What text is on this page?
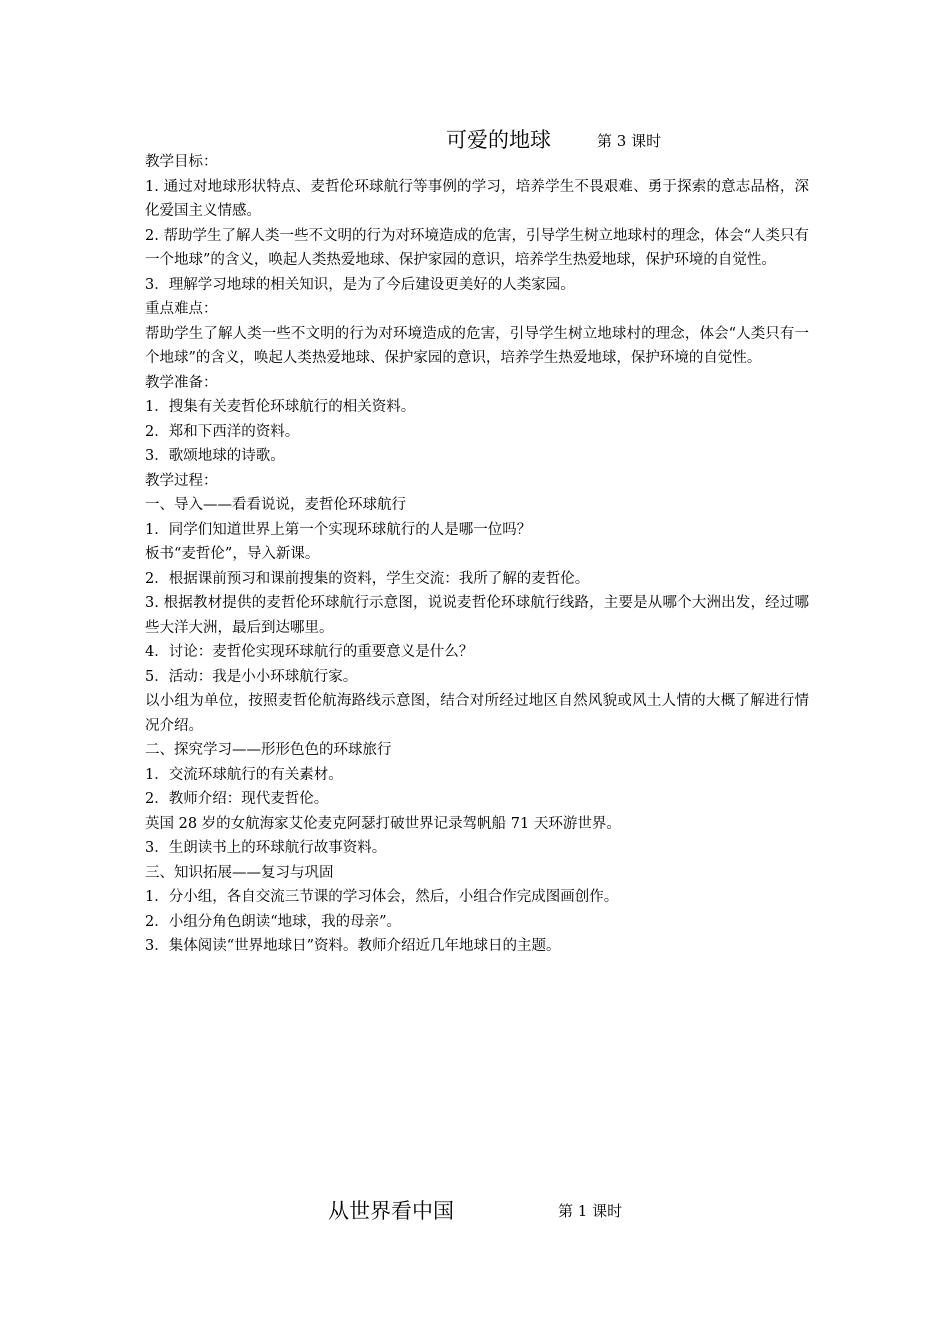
可爱的地球	第 3 课时

教学目标：

1. 通过对地球形状特点、麦哲伦环球航行等事例的学习，培养学生不畏艰难、勇于探索的意志品格，深化爱国主义情感。

2. 帮助学生了解人类一些不文明的行为对环境造成的危害，引导学生树立地球村的理念，体会“人类只有一个地球”的含义，唤起人类热爱地球、保护家园的意识，培养学生热爱地球，保护环境的自觉性。

3．理解学习地球的相关知识，是为了今后建设更美好的人类家园。

重点难点：

帮助学生了解人类一些不文明的行为对环境造成的危害，引导学生树立地球村的理念，体会“人类只有一个地球”的含义，唤起人类热爱地球、保护家园的意识，培养学生热爱地球，保护环境的自觉性。

教学准备：

1．搜集有关麦哲伦环球航行的相关资料。

2．郑和下西洋的资料。

3．歌颂地球的诗歌。

教学过程：

一、导入——看看说说，麦哲伦环球航行

1．同学们知道世界上第一个实现环球航行的人是哪一位吗？

板书“麦哲伦”，导入新课。

2．根据课前预习和课前搜集的资料，学生交流：我所了解的麦哲伦。

3. 根据教材提供的麦哲伦环球航行示意图，说说麦哲伦环球航行线路，主要是从哪个大洲出发，经过哪些大洋大洲，最后到达哪里。

4．讨论：麦哲伦实现环球航行的重要意义是什么？

5．活动：我是小小环球航行家。

以小组为单位，按照麦哲伦航海路线示意图，结合对所经过地区自然风貌或风土人情的大概了解进行情况介绍。

二、探究学习——形形色色的环球旅行

1．交流环球航行的有关素材。

2．教师介绍：现代麦哲伦。

英国 28 岁的女航海家艾伦麦克阿瑟打破世界记录驾帆船 71 天环游世界。

3．生朗读书上的环球航行故事资料。

三、知识拓展——复习与巩固

1．分小组，各自交流三节课的学习体会，然后，小组合作完成图画创作。

2．小组分角色朗读“地球，我的母亲”。

3．集体阅读“世界地球日”资料。教师介绍近几年地球日的主题。

从世界看中国	第 1 课时
